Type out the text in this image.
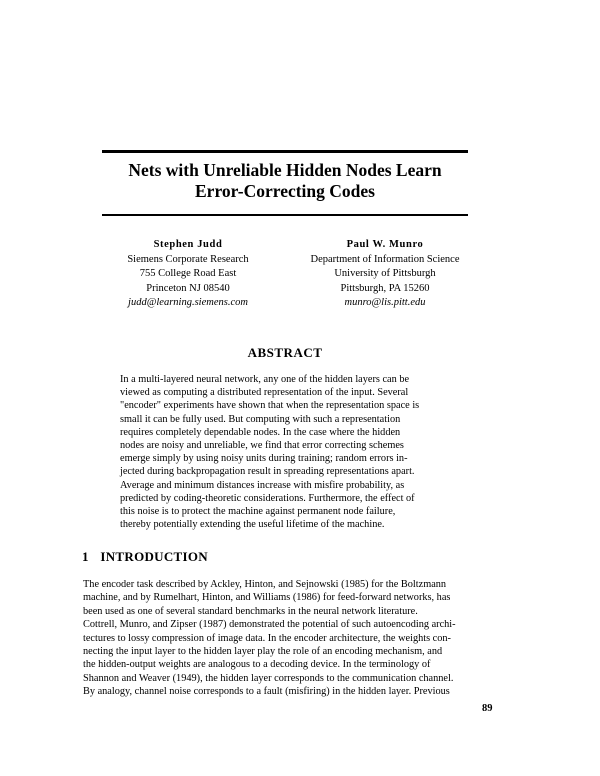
Nets with Unreliable Hidden Nodes Learn
Error-Correcting Codes
Stephen Judd
Siemens Corporate Research
755 College Road East
Princeton NJ 08540
judd@learning.siemens.com
Paul W. Munro
Department of Information Science
University of Pittsburgh
Pittsburgh, PA 15260
munro@lis.pitt.edu
ABSTRACT
In a multi-layered neural network, any one of the hidden layers can be
viewed as computing a distributed representation of the input. Several
"encoder" experiments have shown that when the representation space is
small it can be fully used. But computing with such a representation
requires completely dependable nodes. In the case where the hidden
nodes are noisy and unreliable, we find that error correcting schemes
emerge simply by using noisy units during training; random errors in-
jected during backpropagation result in spreading representations apart.
Average and minimum distances increase with misfire probability, as
predicted by coding-theoretic considerations. Furthermore, the effect of
this noise is to protect the machine against permanent node failure,
thereby potentially extending the useful lifetime of the machine.
1 INTRODUCTION
The encoder task described by Ackley, Hinton, and Sejnowski (1985) for the Boltzmann
machine, and by Rumelhart, Hinton, and Williams (1986) for feed-forward networks, has
been used as one of several standard benchmarks in the neural network literature.
Cottrell, Munro, and Zipser (1987) demonstrated the potential of such autoencoding archi-
tectures to lossy compression of image data. In the encoder architecture, the weights con-
necting the input layer to the hidden layer play the role of an encoding mechanism, and
the hidden-output weights are analogous to a decoding device. In the terminology of
Shannon and Weaver (1949), the hidden layer corresponds to the communication channel.
By analogy, channel noise corresponds to a fault (misfiring) in the hidden layer. Previous
89
